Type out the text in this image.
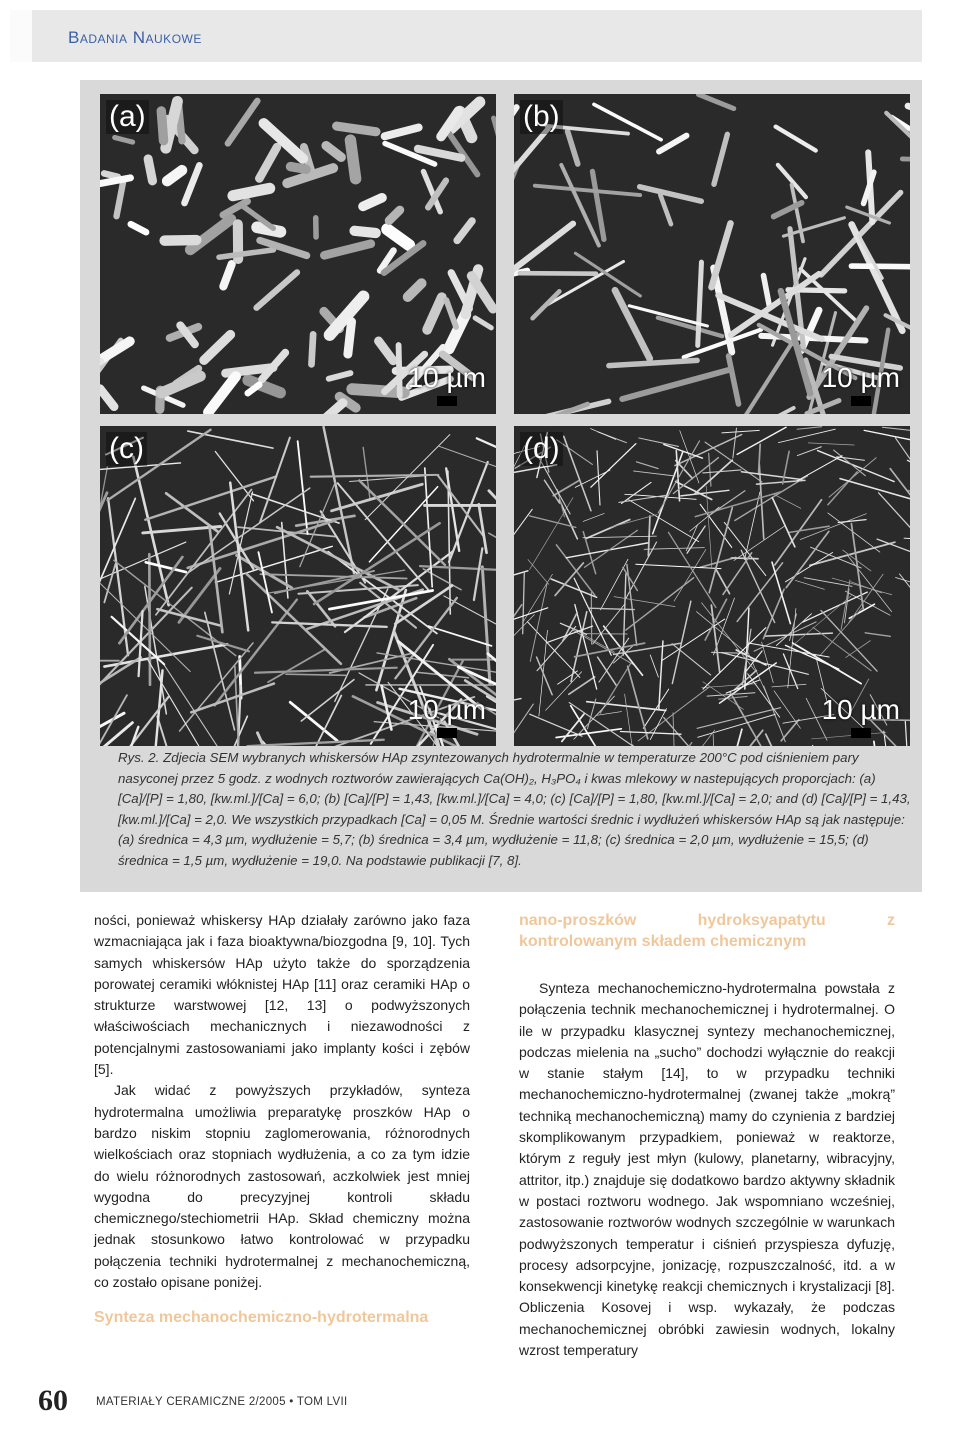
Badania Naukowe
(a)
10 µm
(b)
10 µm
(c)
10 µm
(d)
10 µm

Rys. 2. Zdjecia SEM wybranych whiskersów HAp zsyntezowanych hydrotermalnie w temperaturze 200°C pod ciśnieniem pary nasyconej przez 5 godz. z wodnych roztworów zawierających Ca(OH)₂, H₃PO₄ i kwas mlekowy w nastepujących proporcjach: (a) [Ca]/[P] = 1,80, [kw.ml.]/[Ca] = 6,0; (b) [Ca]/[P] = 1,43, [kw.ml.]/[Ca] = 4,0; (c) [Ca]/[P] = 1,80, [kw.ml.]/[Ca] = 2,0; and (d) [Ca]/[P] = 1,43, [kw.ml.]/[Ca] = 2,0. We wszystkich przypadkach [Ca] = 0,05 M. Średnie wartości średnic i wydłużeń whiskersów HAp są jak następuje: (a) średnica = 4,3 µm, wydłużenie = 5,7; (b) średnica = 3,4 µm, wydłużenie = 11,8; (c) średnica = 2,0 µm, wydłużenie = 15,5; (d) średnica = 1,5 µm, wydłużenie = 19,0. Na podstawie publikacji [7, 8].

ności, ponieważ whiskersy HAp działały zarówno jako faza wzmacniająca jak i faza bioaktywna/biozgodna [9, 10]. Tych samych whiskersów HAp użyto także do sporządzenia porowatej ceramiki włóknistej HAp [11] oraz ceramiki HAp o strukturze warstwowej [12, 13] o podwyższonych właściwościach mechanicznych i niezawodności z potencjalnymi zastosowaniami jako implanty kości i zębów [5].

Jak widać z powyższych przykładów, synteza hydrotermalna umożliwia preparatykę proszków HAp o bardzo niskim stopniu zaglomerowania, różnorodnych wielkościach oraz stopniach wydłużenia, a co za tym idzie do wielu różnorodnych zastosowań, aczkolwiek jest mniej wygodna do precyzyjnej kontroli składu chemicznego/stechiometrii HAp. Skład chemiczny można jednak stosunkowo łatwo kontrolować w przypadku połączenia techniki hydrotermalnej z mechanochemiczną, co zostało opisane poniżej.

Synteza mechanochemiczno-hydrotermalna

nano-proszków hydroksyapatytu z kontrolowanym składem chemicznym

Synteza mechanochemiczno-hydrotermalna powstała z połączenia technik mechanochemicznej i hydrotermalnej. O ile w przypadku klasycznej syntezy mechanochemicznej, podczas mielenia na „sucho” dochodzi wyłącznie do reakcji w stanie stałym [14], to w przypadku techniki mechanochemiczno-hydrotermalnej (zwanej także „mokrą” techniką mechanochemiczną) mamy do czynienia z bardziej skomplikowanym przypadkiem, ponieważ w reaktorze, którym z reguły jest młyn (kulowy, planetarny, wibracyjny, attritor, itp.) znajduje się dodatkowo bardzo aktywny składnik w postaci roztworu wodnego. Jak wspomniano wcześniej, zastosowanie roztworów wodnych szczególnie w warunkach podwyższonych temperatur i ciśnień przyspiesza dyfuzję, procesy adsorpcyjne, jonizację, rozpuszczalność, itd. a w konsekwencji kinetykę reakcji chemicznych i krystalizacji [8]. Obliczenia Kosovej i wsp. wykazały, że podczas mechanochemicznej obróbki zawiesin wodnych, lokalny wzrost temperatury

60 MATERIAŁY CERAMICZNE 2/2005 • TOM LVII
